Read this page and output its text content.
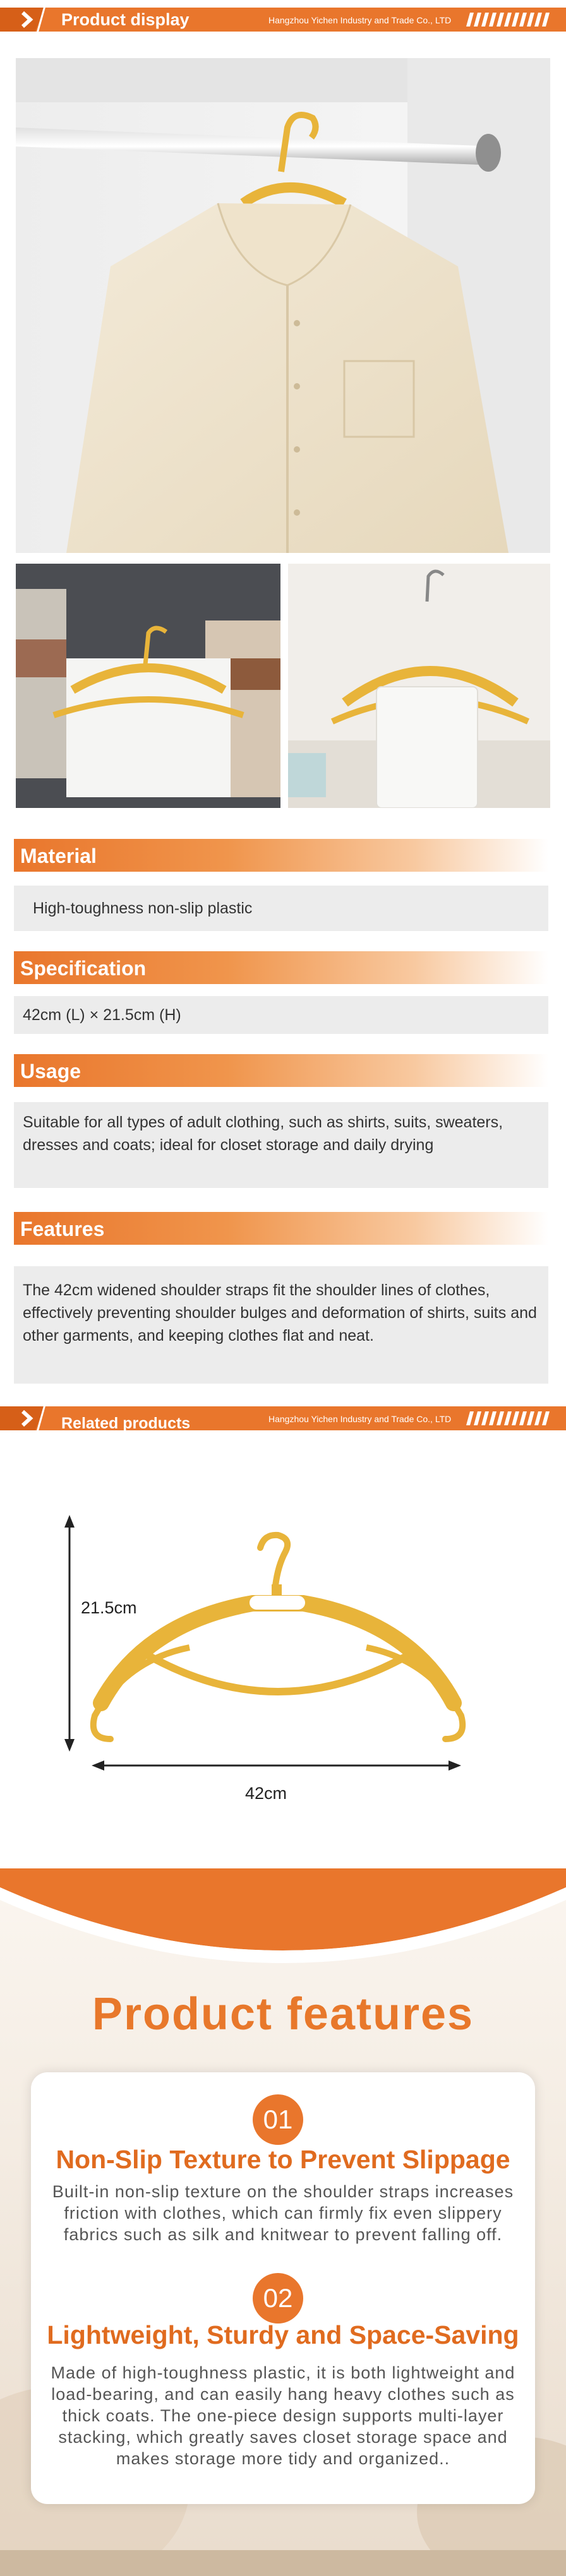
Product display	Hangzhou Yichen Industry and Trade Co., LTD
Material
High-toughness non-slip plastic
Specification
42cm (L) × 21.5cm (H)
Usage
Suitable for all types of adult clothing, such as shirts, suits, sweaters, dresses and coats; ideal for closet storage and daily drying
Features
The 42cm widened shoulder straps fit the shoulder lines of clothes, effectively preventing shoulder bulges and deformation of shirts, suits and other garments, and keeping clothes flat and neat.
Related products	Hangzhou Yichen Industry and Trade Co., LTD
21.5cm
42cm
Product features
01
Non-Slip Texture to Prevent Slippage
Built-in non-slip texture on the shoulder straps increases friction with clothes, which can firmly fix even slippery fabrics such as silk and knitwear to prevent falling off.
02
Lightweight, Sturdy and Space-Saving
Made of high-toughness plastic, it is both lightweight and load-bearing, and can easily hang heavy clothes such as thick coats. The one-piece design supports multi-layer stacking, which greatly saves closet storage space and makes storage more tidy and organized..
